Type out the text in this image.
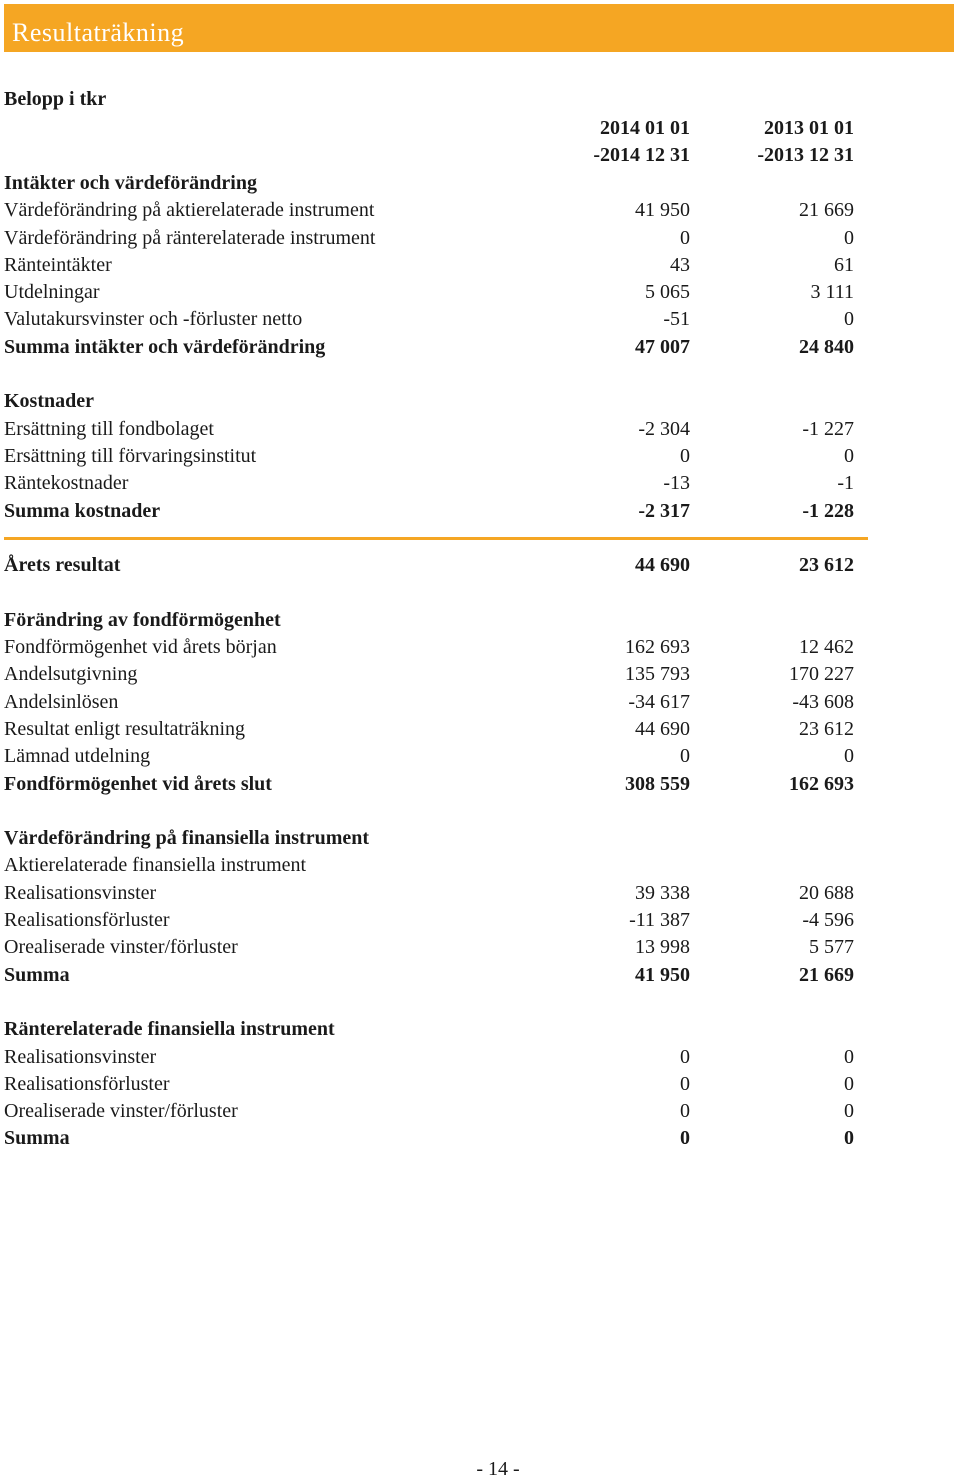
Resultaträkning
Belopp i tkr
2014 01 01
-2014 12 31
2013 01 01
-2013 12 31
Intäkter och värdeförändring
Värdeförändring på aktierelaterade instrument	41 950	21 669
Värdeförändring på ränterelaterade instrument	0	0
Ränteintäkter	43	61
Utdelningar	5 065	3 111
Valutakursvinster och -förluster netto	-51	0
Summa intäkter och värdeförändring	47 007	24 840
Kostnader
Ersättning till fondbolaget	-2 304	-1 227
Ersättning till förvaringsinstitut	0	0
Räntekostnader	-13	-1
Summa kostnader	-2 317	-1 228
Årets resultat	44 690	23 612
Förändring av fondförmögenhet
Fondförmögenhet vid årets början	162 693	12 462
Andelsutgivning	135 793	170 227
Andelsinlösen	-34 617	-43 608
Resultat enligt resultaträkning	44 690	23 612
Lämnad utdelning	0	0
Fondförmögenhet vid årets slut	308 559	162 693
Värdeförändring på finansiella instrument
Aktierelaterade finansiella instrument
Realisationsvinster	39 338	20 688
Realisationsförluster	-11 387	-4 596
Orealiserade vinster/förluster	13 998	5 577
Summa	41 950	21 669
Ränterelaterade finansiella instrument
Realisationsvinster	0	0
Realisationsförluster	0	0
Orealiserade vinster/förluster	0	0
Summa	0	0
- 14 -
